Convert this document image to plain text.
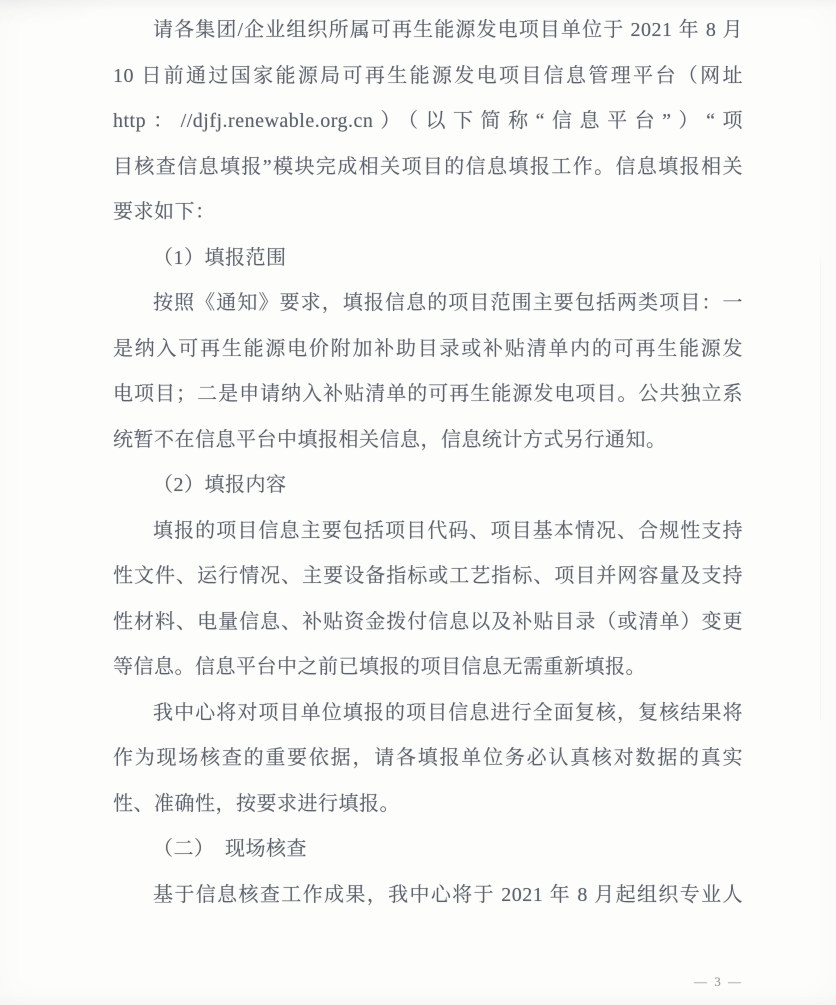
请各集团/企业组织所属可再生能源发电项目单位于 2021 年 8 月
10 日前通过国家能源局可再生能源发电项目信息管理平台（网址
http：//djfj.renewable.org.cn）（以下简称“信息平台”）“项
目核查信息填报”模块完成相关项目的信息填报工作。信息填报相关
要求如下：
（1）填报范围
按照《通知》要求，填报信息的项目范围主要包括两类项目：一
是纳入可再生能源电价附加补助目录或补贴清单内的可再生能源发
电项目；二是申请纳入补贴清单的可再生能源发电项目。公共独立系
统暂不在信息平台中填报相关信息，信息统计方式另行通知。
（2）填报内容
填报的项目信息主要包括项目代码、项目基本情况、合规性支持
性文件、运行情况、主要设备指标或工艺指标、项目并网容量及支持
性材料、电量信息、补贴资金拨付信息以及补贴目录（或清单）变更
等信息。信息平台中之前已填报的项目信息无需重新填报。
我中心将对项目单位填报的项目信息进行全面复核，复核结果将
作为现场核查的重要依据，请各填报单位务必认真核对数据的真实
性、准确性，按要求进行填报。
（二）　现场核查
基于信息核查工作成果，我中心将于 2021 年 8 月起组织专业人
— 3 —
